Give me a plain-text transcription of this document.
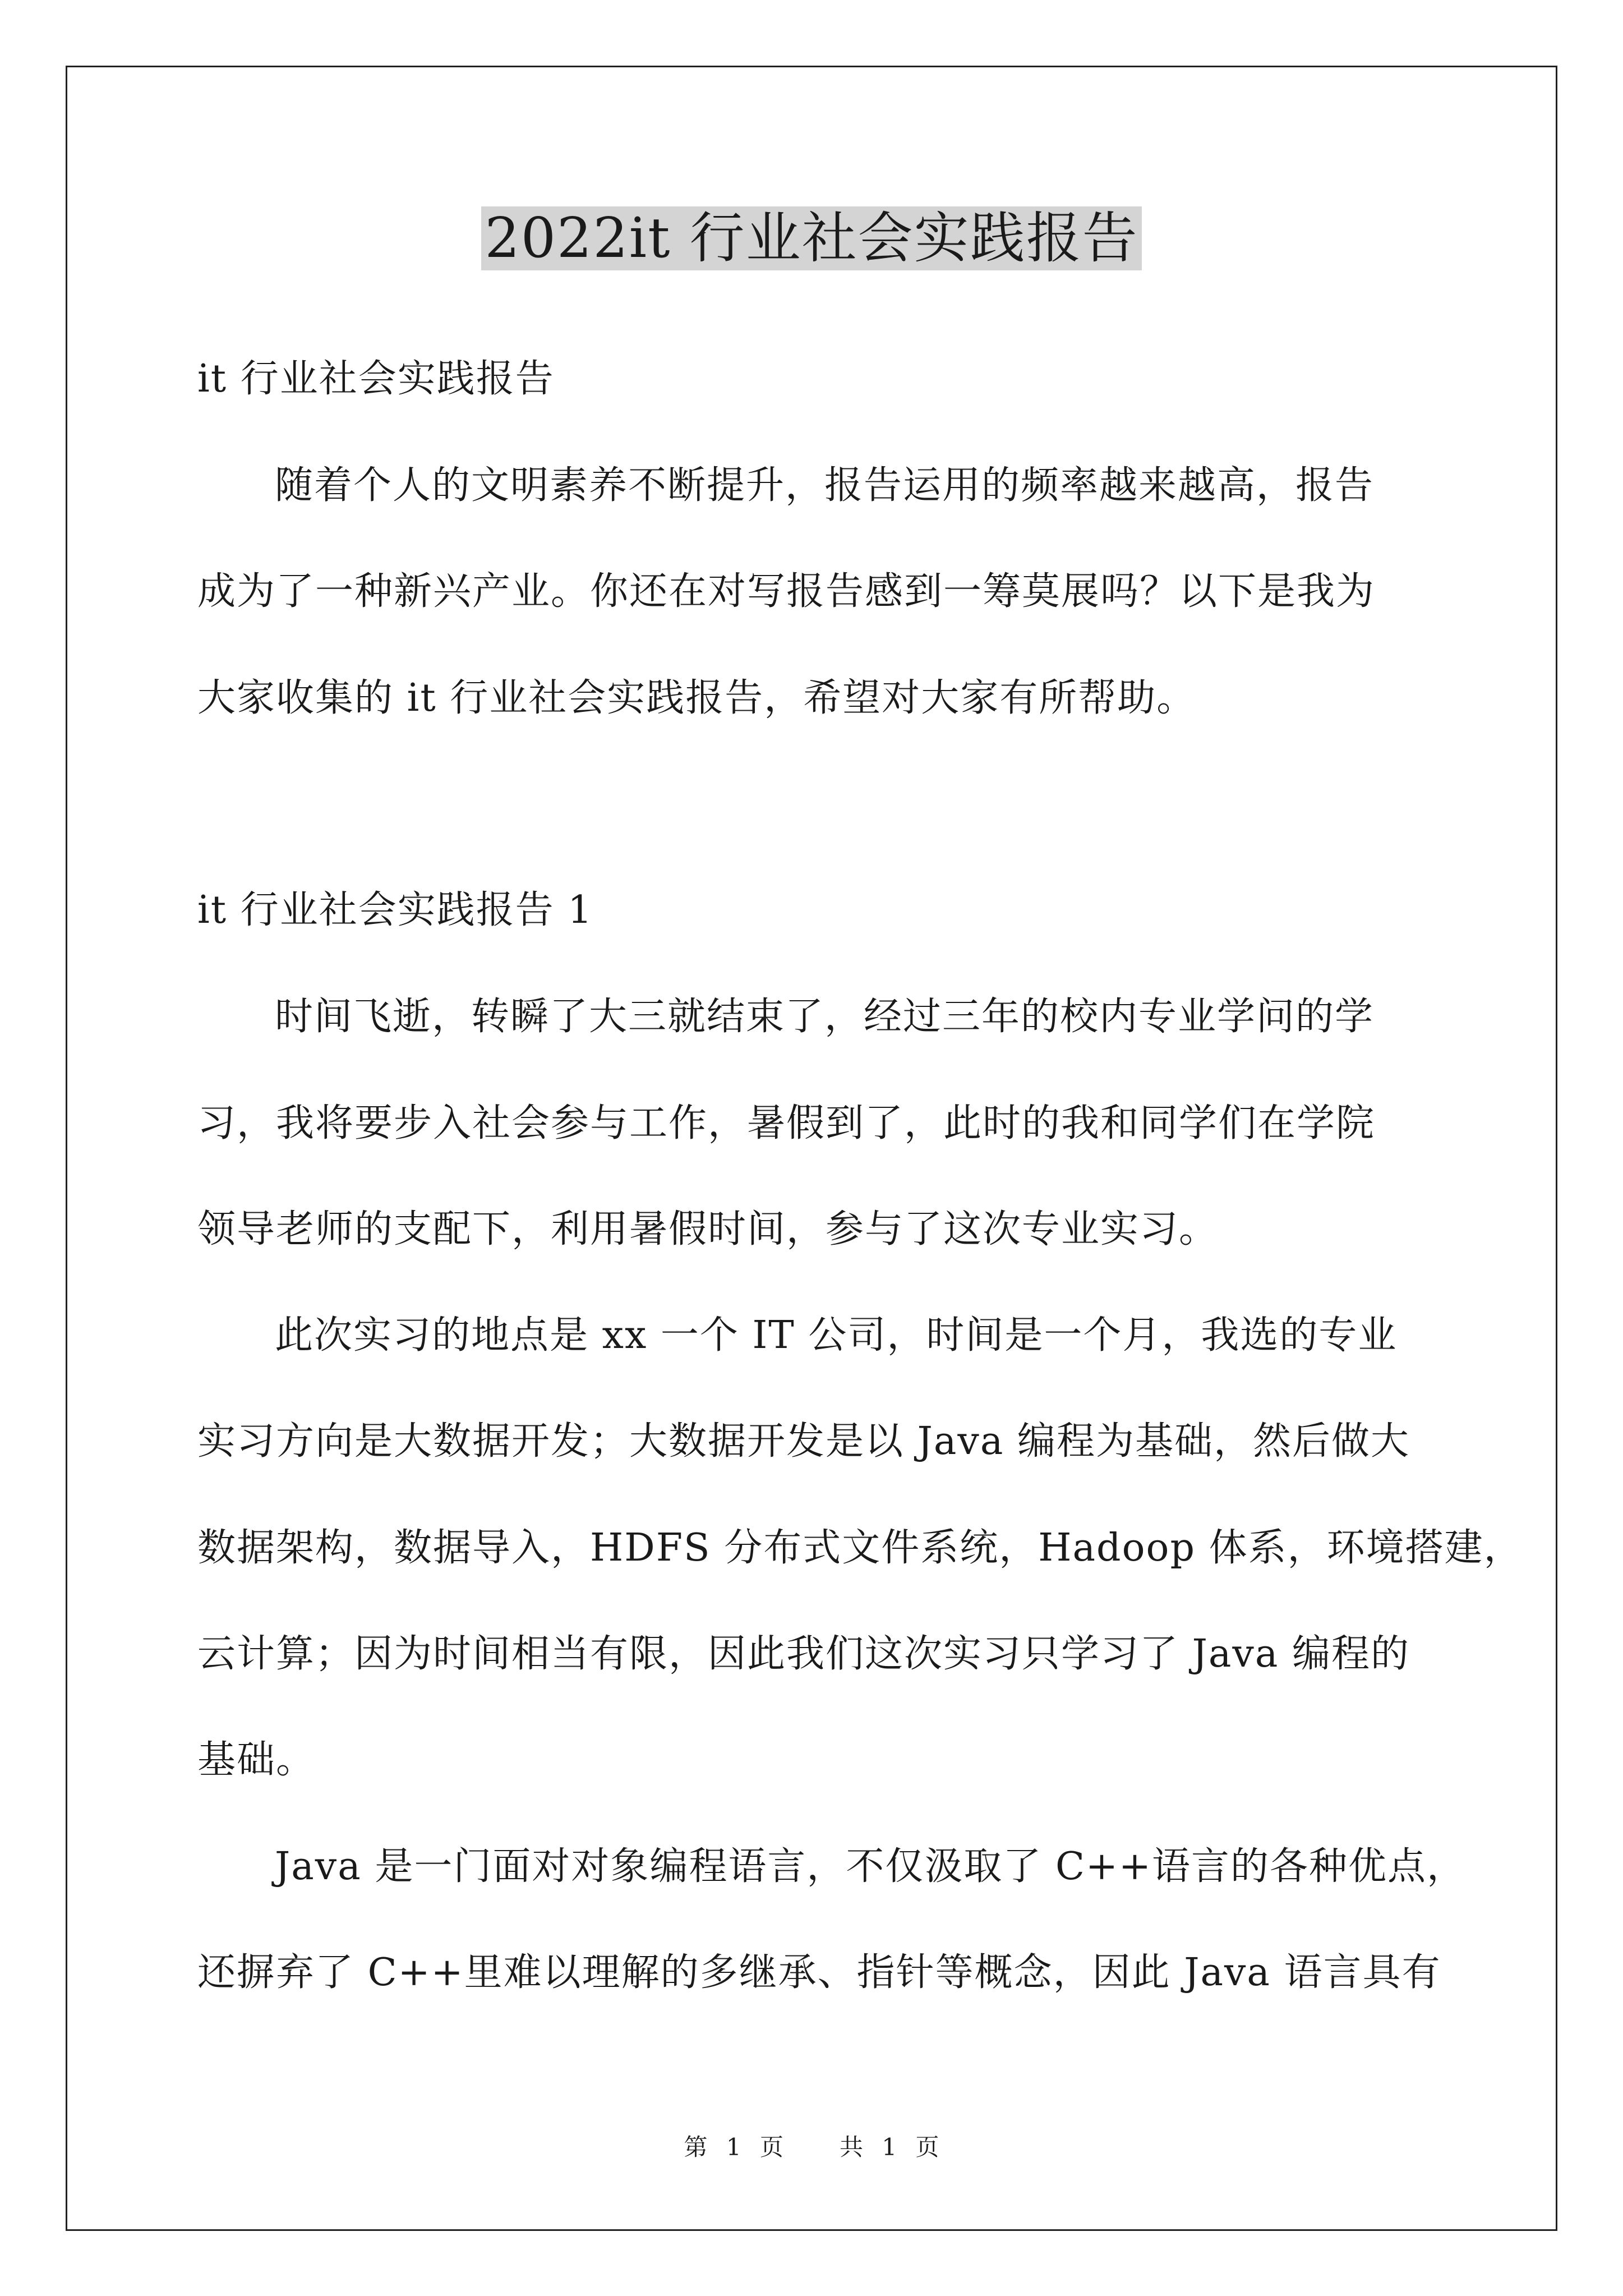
2022it 行业社会实践报告
it 行业社会实践报告
随着个人的文明素养不断提升，报告运用的频率越来越高，报告
成为了一种新兴产业。你还在对写报告感到一筹莫展吗？以下是我为
大家收集的 it 行业社会实践报告，希望对大家有所帮助。
it 行业社会实践报告 1
时间飞逝，转瞬了大三就结束了，经过三年的校内专业学问的学
习，我将要步入社会参与工作，暑假到了，此时的我和同学们在学院
领导老师的支配下，利用暑假时间，参与了这次专业实习。
此次实习的地点是 xx 一个 IT 公司，时间是一个月，我选的专业
实习方向是大数据开发；大数据开发是以 Java 编程为基础，然后做大
数据架构，数据导入，HDFS 分布式文件系统，Hadoop 体系，环境搭建，
云计算；因为时间相当有限，因此我们这次实习只学习了 Java 编程的
基础。
Java 是一门面对对象编程语言，不仅汲取了 C++语言的各种优点，
还摒弃了 C++里难以理解的多继承、指针等概念，因此 Java 语言具有
第 1 页   共 1 页
